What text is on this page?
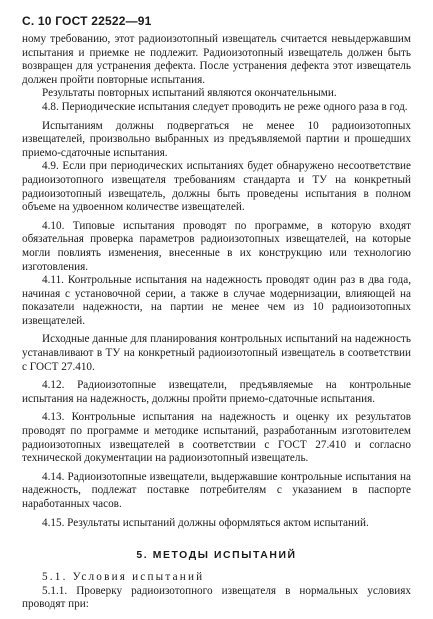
С. 10 ГОСТ 22522—91

ному требованию, этот радиоизотопный извещатель считается невыдержавшим испытания и приемке не подлежит. Радиоизотопный извещатель должен быть возвращен для устранения дефекта. После устранения дефекта этот извещатель должен пройти повторные испытания.

Результаты повторных испытаний являются окончательными.

4.8. Периодические испытания следует проводить не реже одного раза в год.

Испытаниям должны подвергаться не менее 10 радиоизотопных извещателей, произвольно выбранных из предъявляемой партии и прошедших приемо-сдаточные испытания.

4.9. Если при периодических испытаниях будет обнаружено несоответствие радиоизотопного извещателя требованиям стандарта и ТУ на конкретный радиоизотопный извещатель, должны быть проведены испытания в полном объеме на удвоенном количестве извещателей.

4.10. Типовые испытания проводят по программе, в которую входят обязательная проверка параметров радиоизотопных извещателей, на которые могли повлиять изменения, внесенные в их конструкцию или технологию изготовления.

4.11. Контрольные испытания на надежность проводят один раз в два года, начиная с установочной серии, а также в случае модернизации, влияющей на показатели надежности, на партии не менее чем из 10 радиоизотопных извещателей.

Исходные данные для планирования контрольных испытаний на надежность устанавливают в ТУ на конкретный радиоизотопный извещатель в соответствии с ГОСТ 27.410.

4.12. Радиоизотопные извещатели, предъявляемые на контрольные испытания на надежность, должны пройти приемо-сдаточные испытания.

4.13. Контрольные испытания на надежность и оценку их результатов проводят по программе и методике испытаний, разработанным изготовителем радиоизотопных извещателей в соответствии с ГОСТ 27.410 и согласно технической документации на радиоизотопный извещатель.

4.14. Радиоизотопные извещатели, выдержавшие контрольные испытания на надежность, подлежат поставке потребителям с указанием в паспорте наработанных часов.

4.15. Результаты испытаний должны оформляться актом испытаний.

5. МЕТОДЫ ИСПЫТАНИЙ

5.1. Условия испытаний

5.1.1. Проверку радиоизотопного извещателя в нормальных условиях проводят при:
